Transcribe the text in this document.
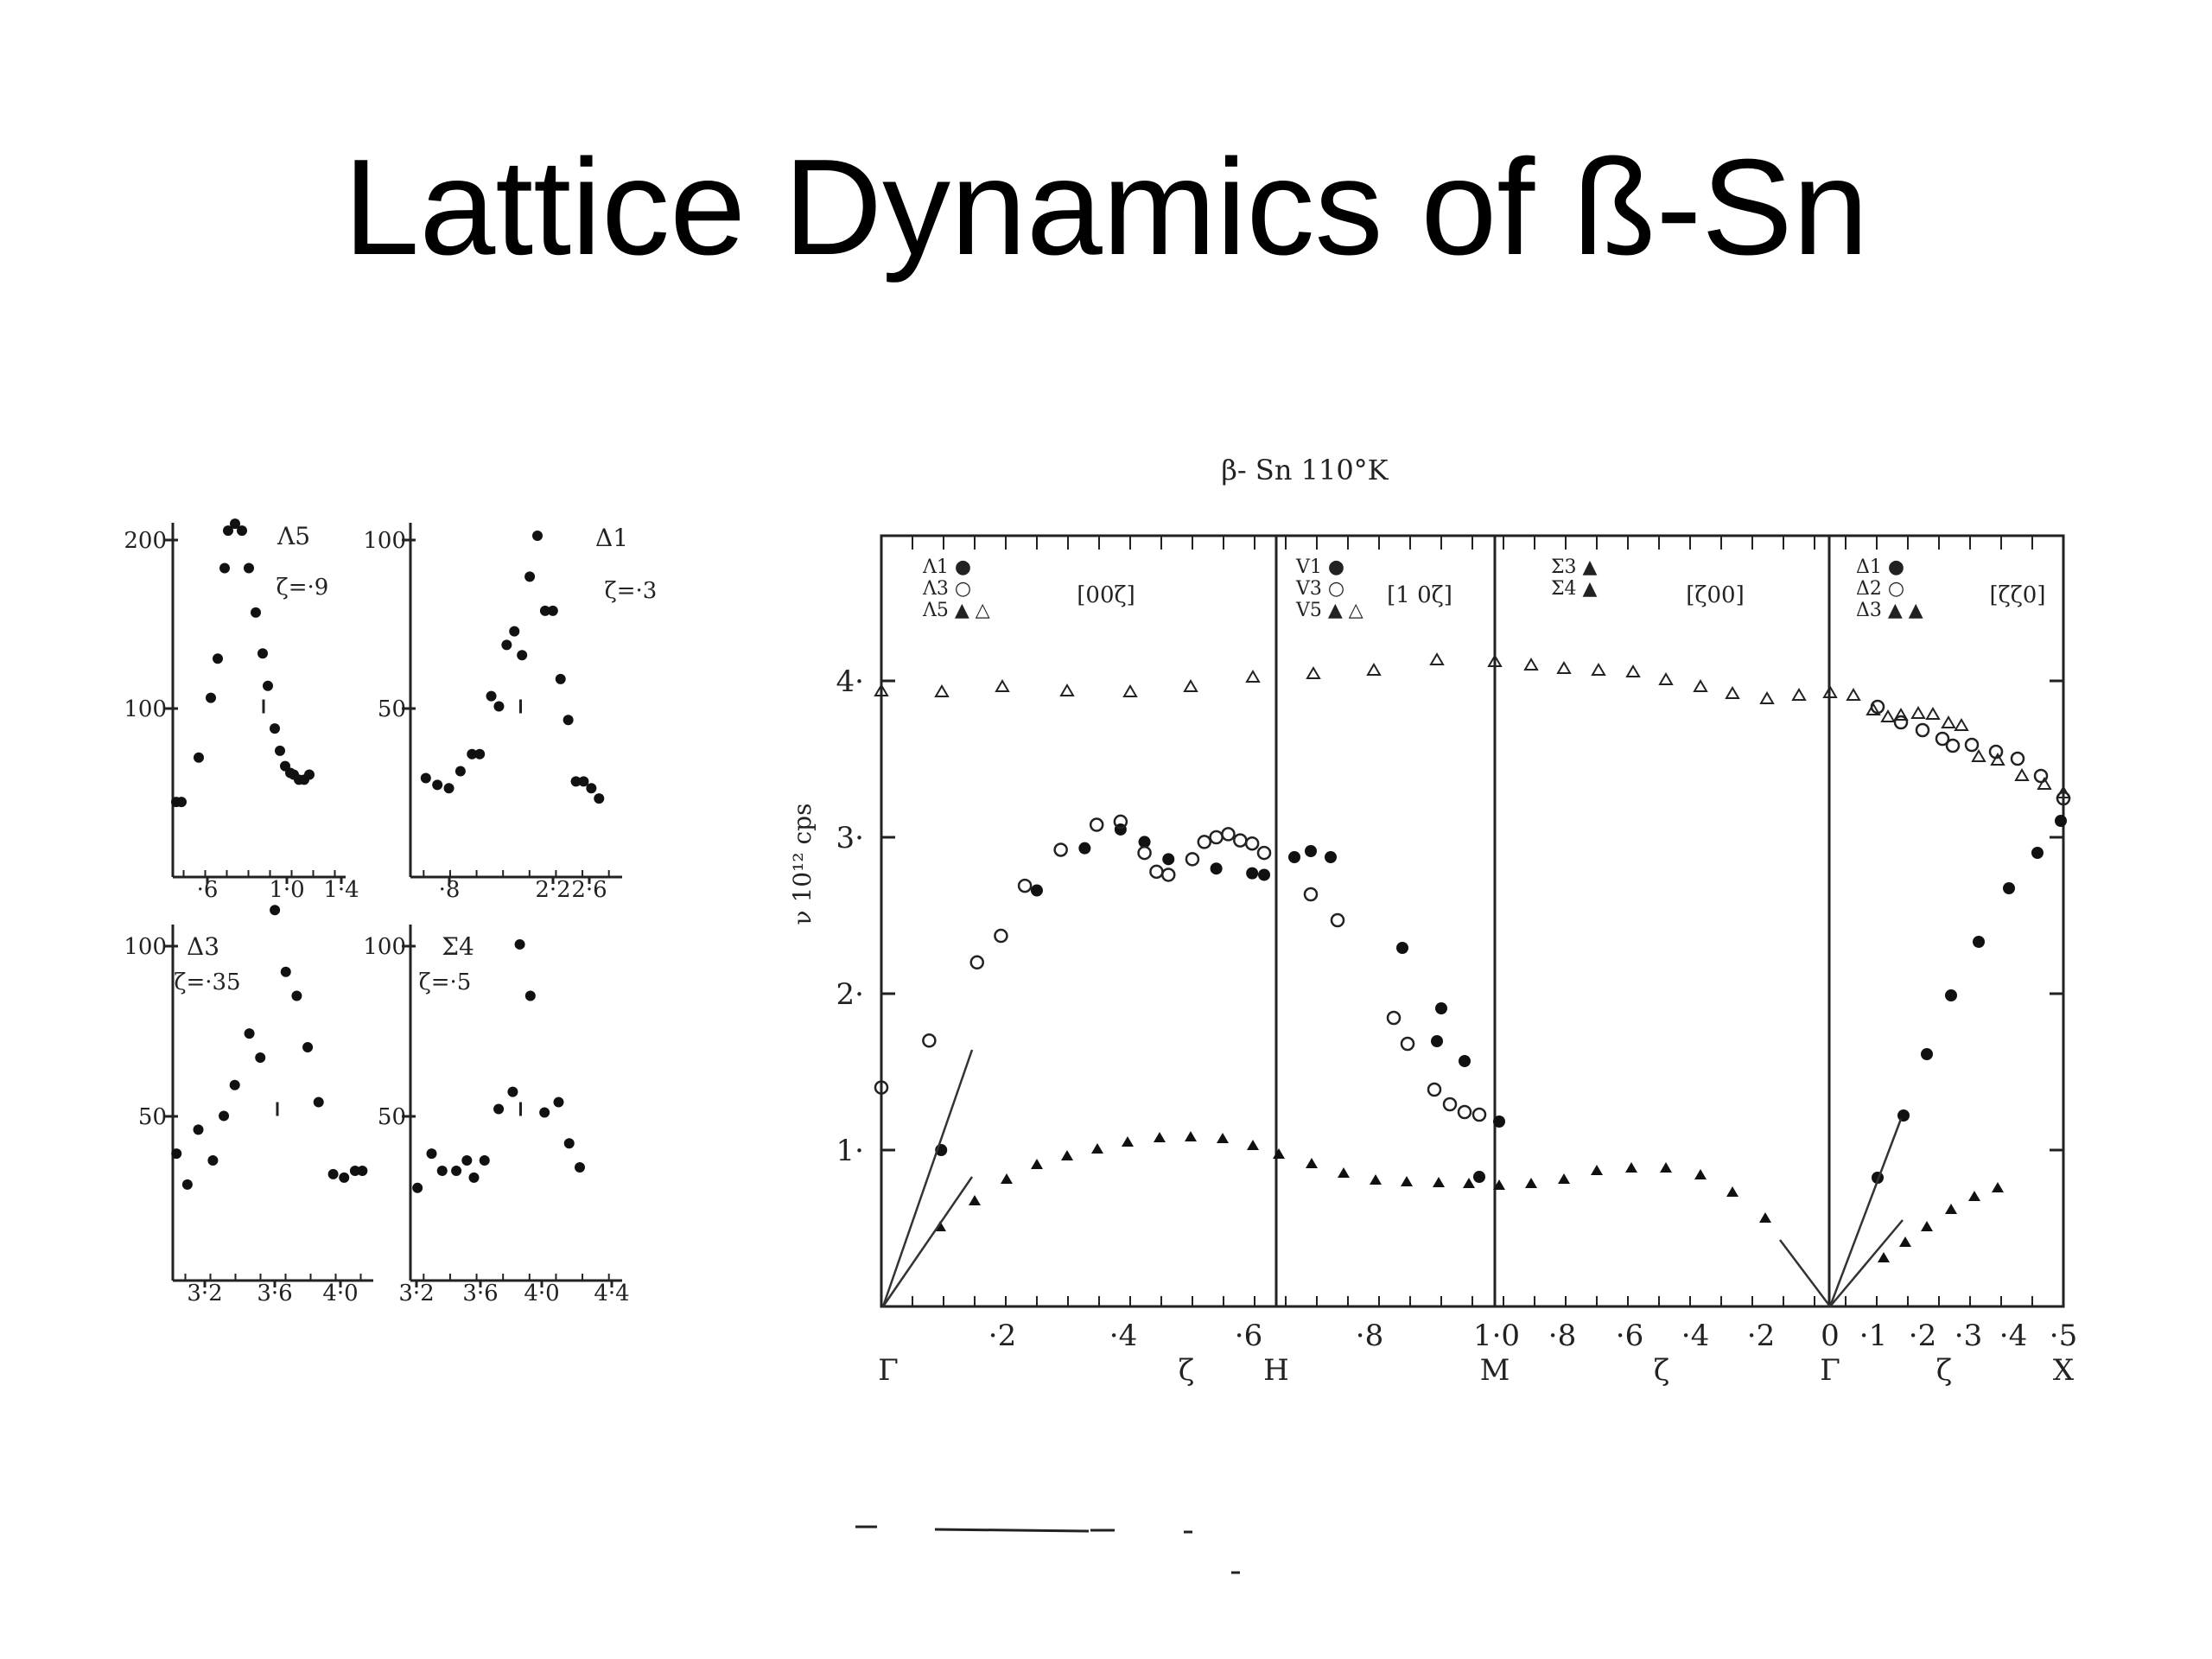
Lattice Dynamics of ß-Sn
200
100
·6 1·0 1·4
Λ5
ζ=·9
100
50
·8	2·2 2·6
Δ1
ζ=·3
100
50
3·2 3·6 4·0
Δ3
ζ=·35
100
50
3·2 3·6 4·0 4·4
Σ4
ζ=·5
4·
3·
2·
1·
ν 10¹² cps
β- Sn 110°K
·2	·4	·6	·8	1·0 ·8 ·6 ·4 ·2 0 ·1 ·2 ·3 ·4 ·5
Γ	ζ H	M	ζ	Γ	ζ	X
Λ1 ●
Λ3 ○
Λ5 ▲ △
[00ζ]
V1 ●
V3 ○
V5 ▲ △
[1 0ζ]
Σ3 ▲
Σ4 ▲	[ζ00]
Δ1 ●
Δ2 ○
Δ3 ▲ ▲
[ζζ0]
